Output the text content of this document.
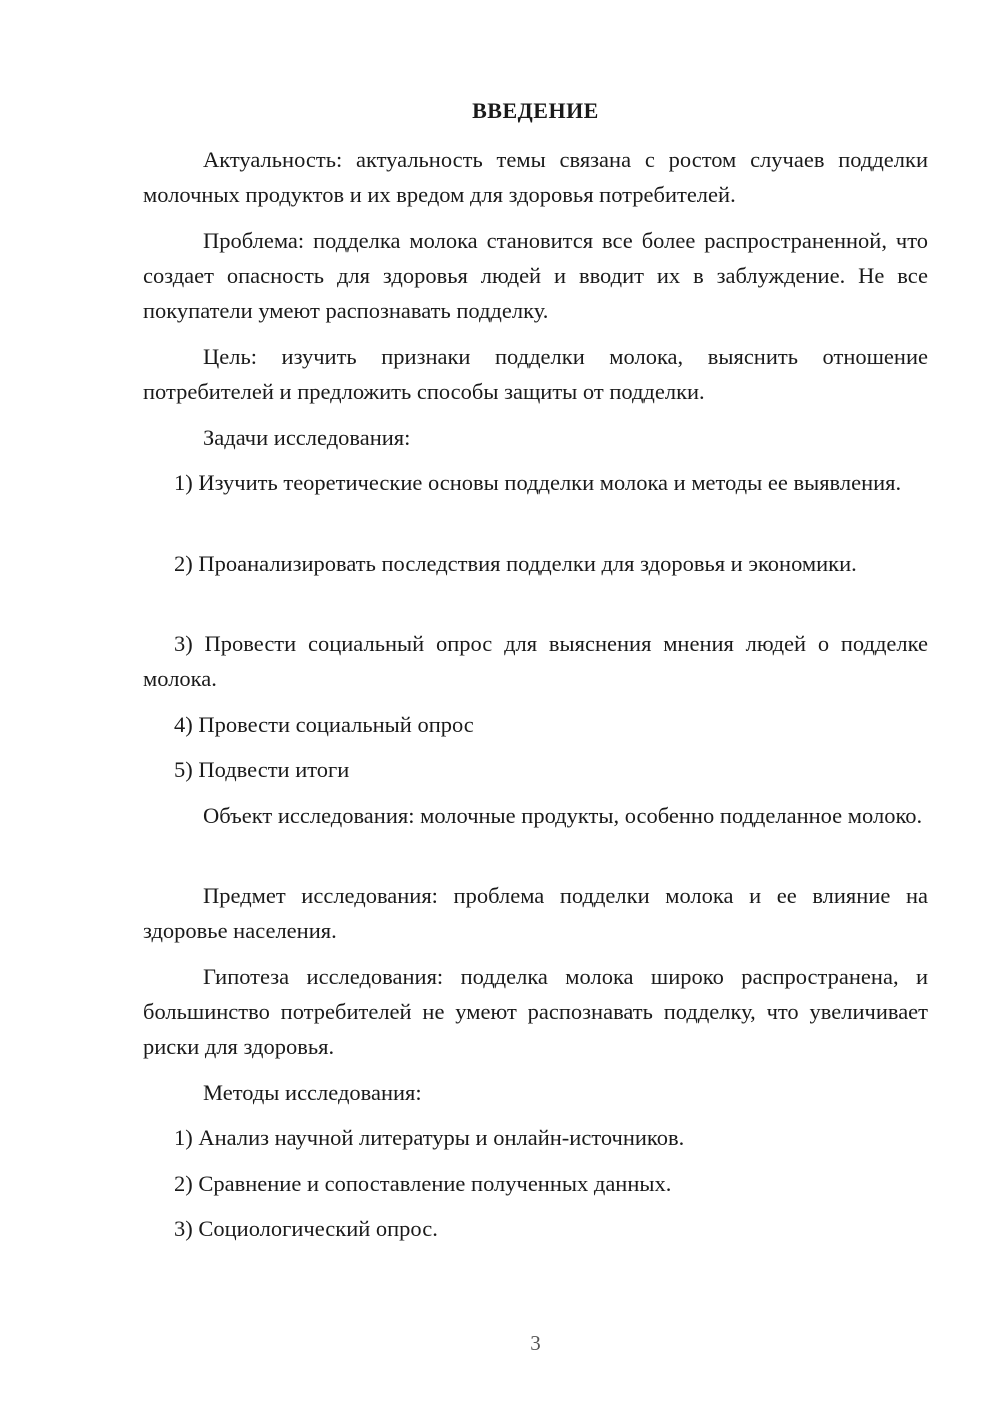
ВВЕДЕНИЕ
Актуальность: актуальность темы связана с ростом случаев подделки молочных продуктов и их вредом для здоровья потребителей.
Проблема: подделка молока становится все более распространенной, что создает опасность для здоровья людей и вводит их в заблуждение. Не все покупатели умеют распознавать подделку.
Цель: изучить признаки подделки молока, выяснить отношение потребителей и предложить способы защиты от подделки.
Задачи исследования:
1) Изучить теоретические основы подделки молока и методы ее выявления.
2) Проанализировать последствия подделки для здоровья и экономики.
3) Провести социальный опрос для выяснения мнения людей о подделке молока.
4) Провести социальный опрос
5) Подвести итоги
Объект исследования: молочные продукты, особенно подделанное молоко.
Предмет исследования: проблема подделки молока и ее влияние на здоровье населения.
Гипотеза исследования: подделка молока широко распространена, и большинство потребителей не умеют распознавать подделку, что увеличивает риски для здоровья.
Методы исследования:
1) Анализ научной литературы и онлайн-источников.
2) Сравнение и сопоставление полученных данных.
3) Социологический опрос.
3
